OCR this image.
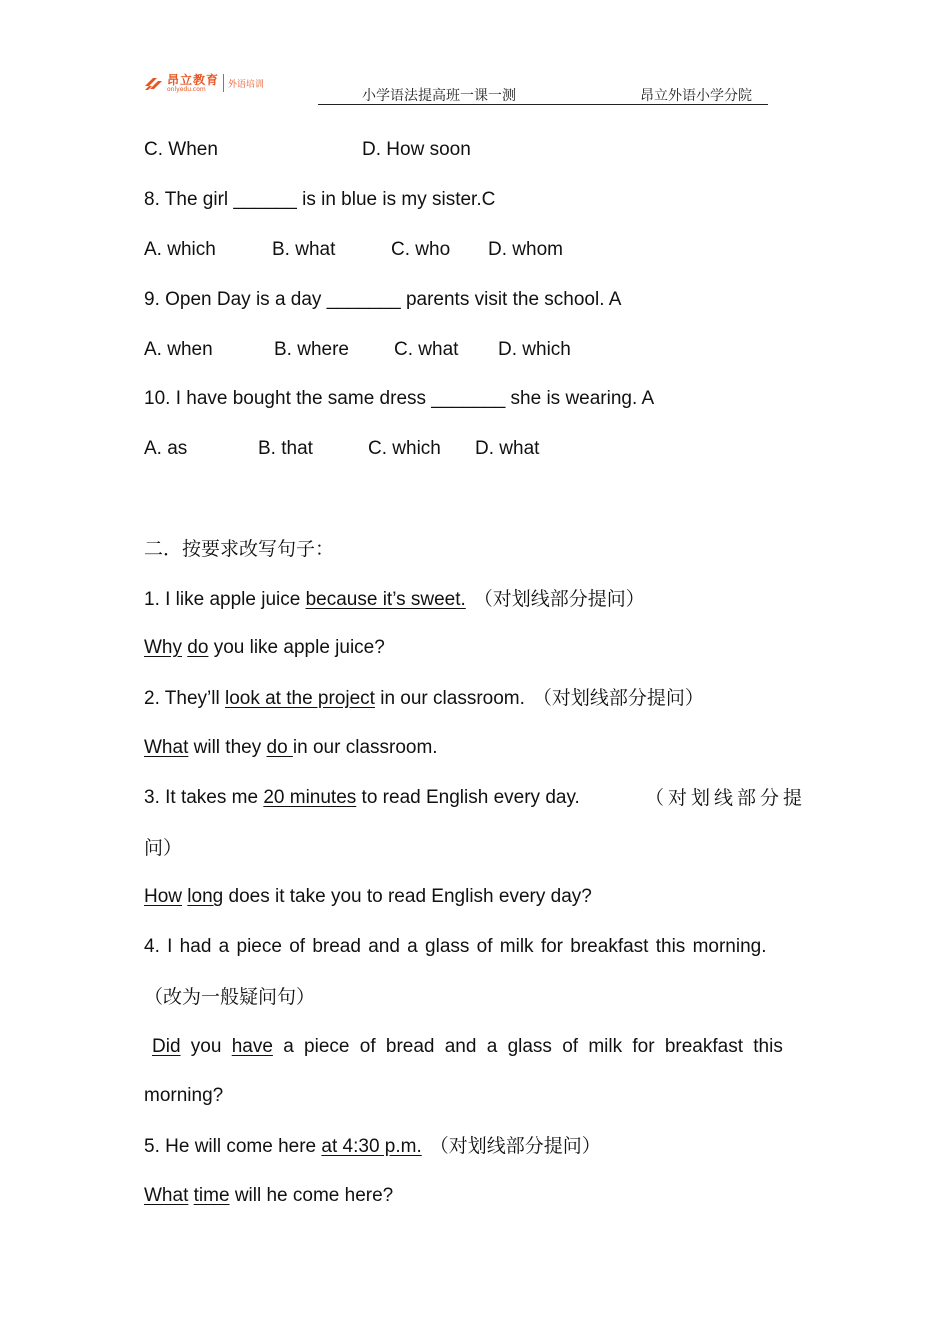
昂立教育
onlyedu.com	外语培训
小学语法提高班一课一测	昂立外语小学分院
C. When	D. How soon
8. The girl ______ is in blue is my sister.C
A. which	B. what	C. who D. whom
9. Open Day is a day _______ parents visit the school. A
A. when	B. where C. what D. which
10. I have bought the same dress _______ she is wearing. A
A. as	B. that	C. which D. what
二．按要求改写句子：
1. I like apple juice because it’s sweet. （对划线部分提问）
Why do you like apple juice?
2. They’ll look at the project in our classroom. （对划线部分提问）
What will they do in our classroom.
3. It takes me 20 minutes to read English every day.	（对划线部分提
问）
How long does it take you to read English every day?
4. I had a piece of bread and a glass of milk for breakfast this morning.
（改为一般疑问句）
Did you have a piece of bread and a glass of milk for breakfast this
morning?
5. He will come here at 4:30 p.m. （对划线部分提问）
What time will he come here?
